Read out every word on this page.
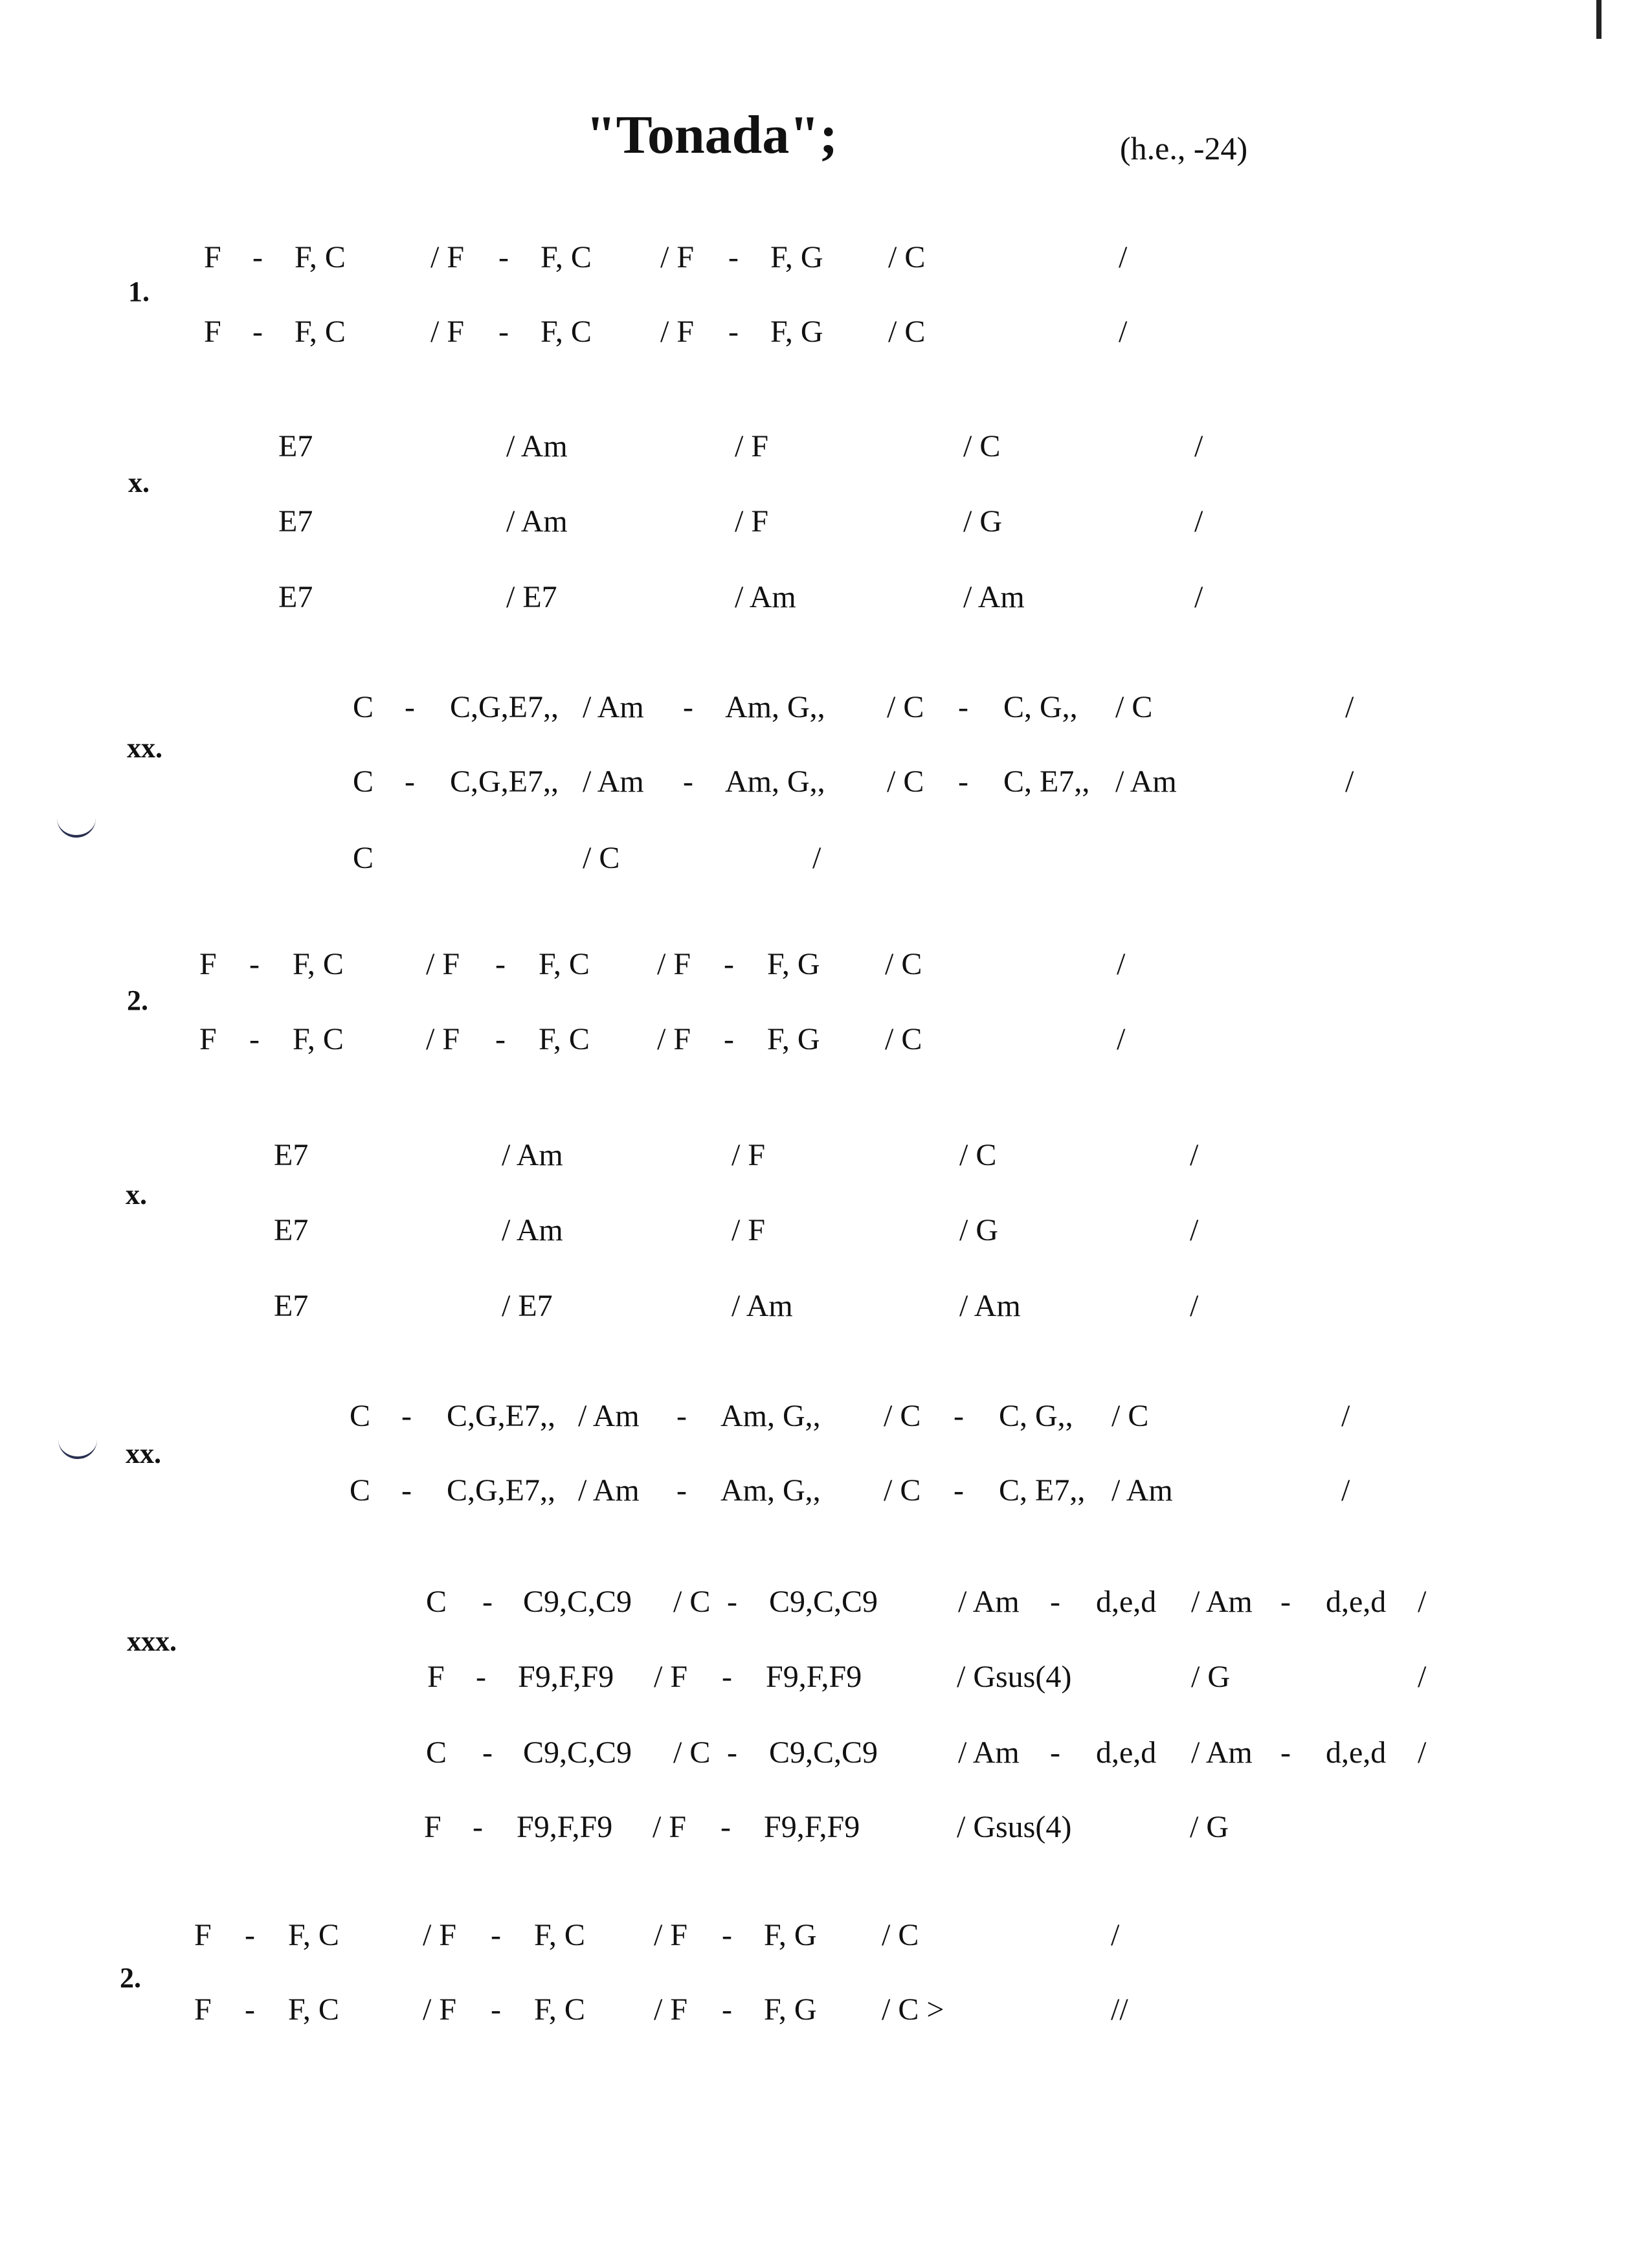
"Tonada";	(h.e., -24)
1.
F - F, C	/ F - F, C / F - F, G / C	/
F - F, C	/ F - F, C / F - F, G / C	/
x.
E7	/ Am	/ F	/ C	/
E7	/ Am	/ F	/ G	/
E7	/ E7	/ Am	/ Am	/
xx.
C - C,G,E7,, / Am - Am, G,, / C - C, G,, / C	/
C - C,G,E7,, / Am - Am, G,, / C - C, E7,, / Am	/
C	/ C	/
2.
F - F, C	/ F - F, C / F - F, G / C	/
F - F, C	/ F - F, C / F - F, G / C	/
x.
E7	/ Am	/ F	/ C	/
E7	/ Am	/ F	/ G	/
E7	/ E7	/ Am	/ Am	/
xx.
C - C,G,E7,, / Am - Am, G,, / C - C, G,, / C	/
C - C,G,E7,, / Am - Am, G,, / C - C, E7,, / Am	/
xxx.
C - C9,C,C9 / C - C9,C,C9	/ Am - d,e,d / Am - d,e,d /
F - F9,F,F9 / F - F9,F,F9	/ Gsus(4)	/ G	/
C - C9,C,C9 / C - C9,C,C9	/ Am - d,e,d / Am - d,e,d /
F - F9,F,F9 / F - F9,F,F9	/ Gsus(4)	/ G
2.
F - F, C	/ F - F, C / F - F, G / C	/
F - F, C	/ F - F, C / F - F, G / C >	//
